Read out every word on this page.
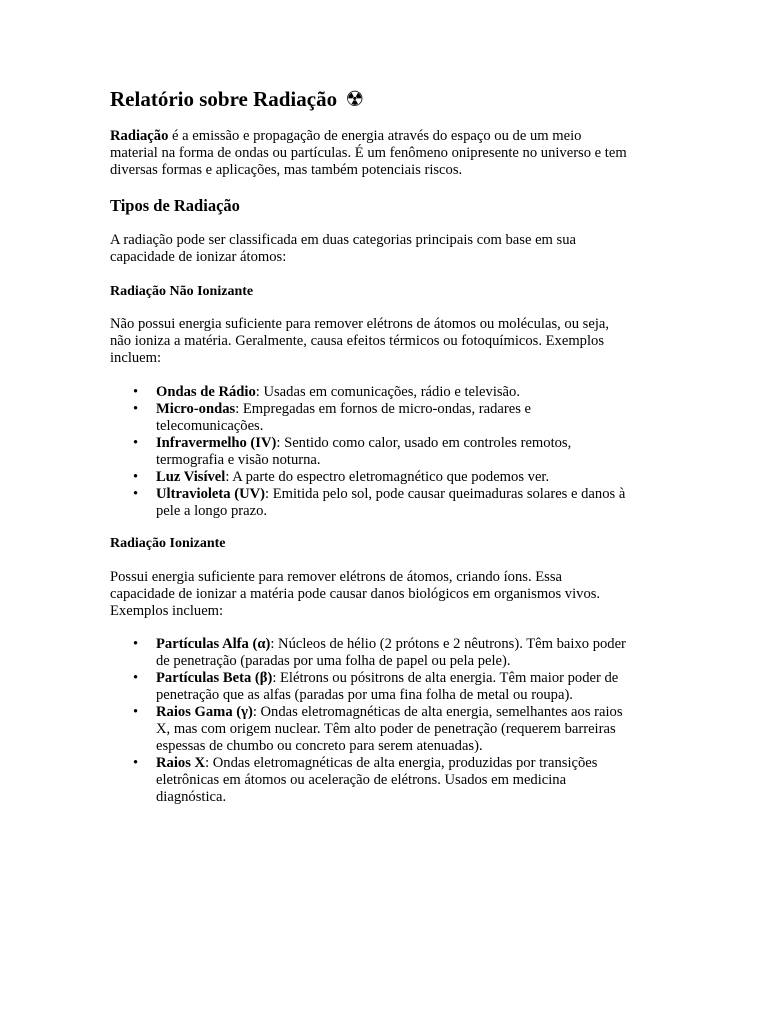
Relatório sobre Radiação ☢

Radiação é a emissão e propagação de energia através do espaço ou de um meio
material na forma de ondas ou partículas. É um fenômeno onipresente no universo e tem
diversas formas e aplicações, mas também potenciais riscos.

Tipos de Radiação

A radiação pode ser classificada em duas categorias principais com base em sua
capacidade de ionizar átomos:

Radiação Não Ionizante

Não possui energia suficiente para remover elétrons de átomos ou moléculas, ou seja,
não ioniza a matéria. Geralmente, causa efeitos térmicos ou fotoquímicos. Exemplos
incluem:

• Ondas de Rádio: Usadas em comunicações, rádio e televisão.
• Micro-ondas: Empregadas em fornos de micro-ondas, radares e
telecomunicações.
• Infravermelho (IV): Sentido como calor, usado em controles remotos,
termografia e visão noturna.
• Luz Visível: A parte do espectro eletromagnético que podemos ver.
• Ultravioleta (UV): Emitida pelo sol, pode causar queimaduras solares e danos à
pele a longo prazo.
Radiação Ionizante

Possui energia suficiente para remover elétrons de átomos, criando íons. Essa
capacidade de ionizar a matéria pode causar danos biológicos em organismos vivos.
Exemplos incluem:

• Partículas Alfa (α): Núcleos de hélio (2 prótons e 2 nêutrons). Têm baixo poder
de penetração (paradas por uma folha de papel ou pela pele).
• Partículas Beta (β): Elétrons ou pósitrons de alta energia. Têm maior poder de
penetração que as alfas (paradas por uma fina folha de metal ou roupa).
• Raios Gama (γ): Ondas eletromagnéticas de alta energia, semelhantes aos raios
X, mas com origem nuclear. Têm alto poder de penetração (requerem barreiras
espessas de chumbo ou concreto para serem atenuadas).
• Raios X: Ondas eletromagnéticas de alta energia, produzidas por transições
eletrônicas em átomos ou aceleração de elétrons. Usados em medicina
diagnóstica.
